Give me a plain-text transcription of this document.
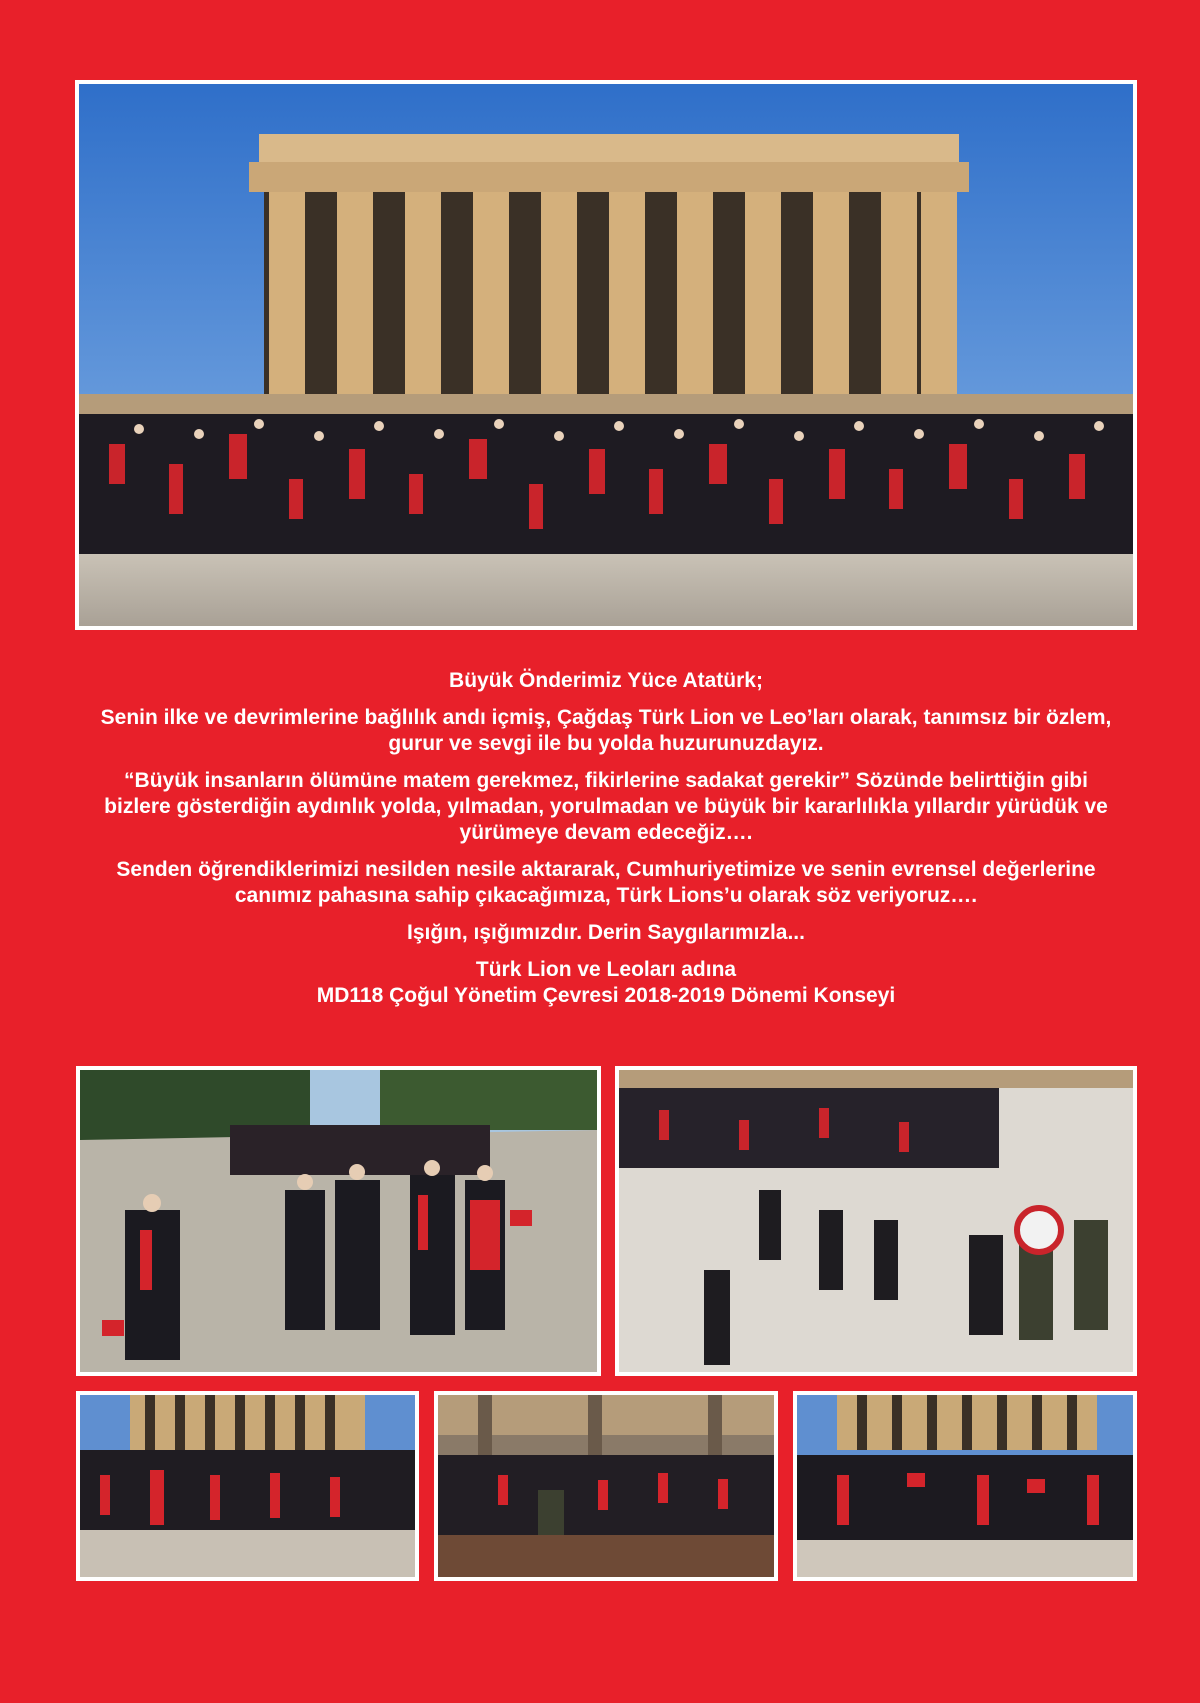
Büyük Önderimiz Yüce Atatürk;

Senin ilke ve devrimlerine bağlılık andı içmiş, Çağdaş Türk Lion ve Leo’ları olarak, tanımsız bir özlem,
gurur ve sevgi ile bu yolda huzurunuzdayız.

“Büyük insanların ölümüne matem gerekmez, fikirlerine sadakat gerekir” Sözünde belirttiğin gibi
bizlere gösterdiğin aydınlık yolda, yılmadan, yorulmadan ve büyük bir kararlılıkla yıllardır yürüdük ve
yürümeye devam edeceğiz….

Senden öğrendiklerimizi nesilden nesile aktararak, Cumhuriyetimize ve senin evrensel değerlerine
canımız pahasına sahip çıkacağımıza, Türk Lions’u olarak söz veriyoruz….

Işığın, ışığımızdır. Derin Saygılarımızla...

Türk Lion ve Leoları adına
MD118 Çoğul Yönetim Çevresi 2018-2019 Dönemi Konseyi
